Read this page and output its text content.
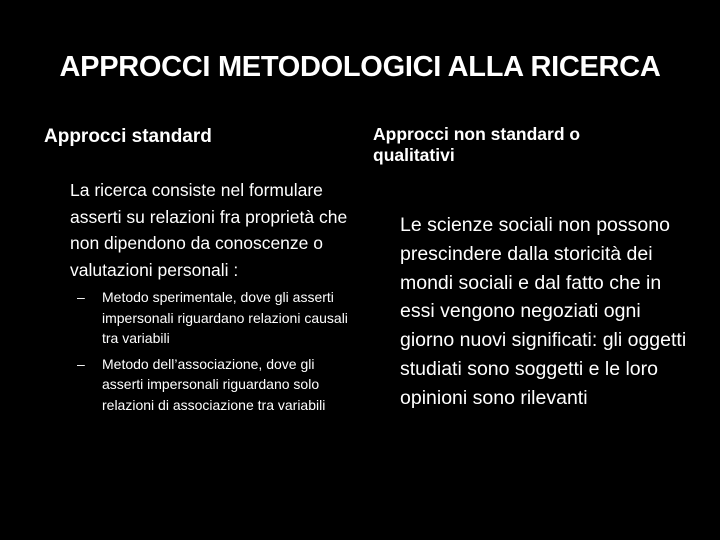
APPROCCI METODOLOGICI ALLA RICERCA
Approcci standard	Approcci non standard o qualitativi
La ricerca consiste nel formulare asserti su relazioni fra proprietà che non dipendono da conoscenze o valutazioni personali :
– Metodo sperimentale, dove gli asserti impersonali riguardano relazioni causali tra variabili
– Metodo dell’associazione, dove gli asserti impersonali riguardano solo relazioni di associazione tra variabili
Le scienze sociali non possono prescindere dalla storicità dei mondi sociali e dal fatto che in essi vengono negoziati ogni giorno nuovi significati: gli oggetti studiati sono soggetti e le loro opinioni sono rilevanti
